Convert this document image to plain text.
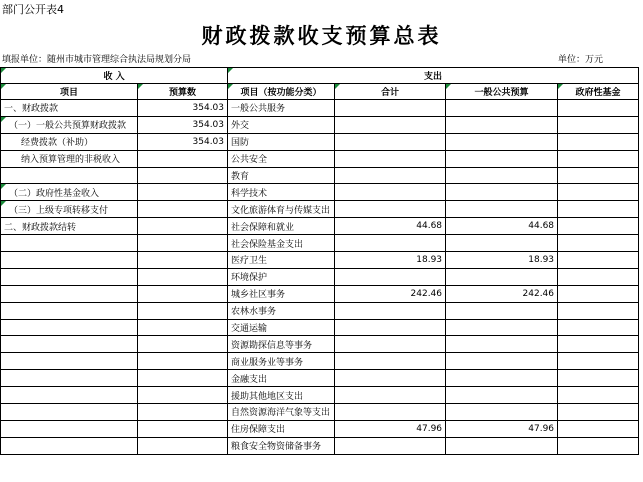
部门公开表4
财政拨款收支预算总表
填报单位：随州市城市管理综合执法局规划分局	单位：万元
收 入		支出			
项目	预算数	项目（按功能分类）	合计	一般公共预算	政府性基金
一、财政拨款	354.03	一般公共服务			
（一）一般公共预算财政拨款	354.03	外交			
经费拨款（补助）	354.03	国防			
纳入预算管理的非税收入		公共安全			
		教育			
（二）政府性基金收入		科学技术			
（三）上级专项转移支付		文化旅游体育与传媒支出			
二、财政拨款结转		社会保障和就业	44.68	44.68	
		社会保险基金支出			
		医疗卫生	18.93	18.93	
		环境保护			
		城乡社区事务	242.46	242.46	
		农林水事务			
		交通运输			
		资源勘探信息等事务			
		商业服务业等事务			
		金融支出			
		援助其他地区支出			
		自然资源海洋气象等支出			
		住房保障支出	47.96	47.96	
		粮食安全物资储备事务			
